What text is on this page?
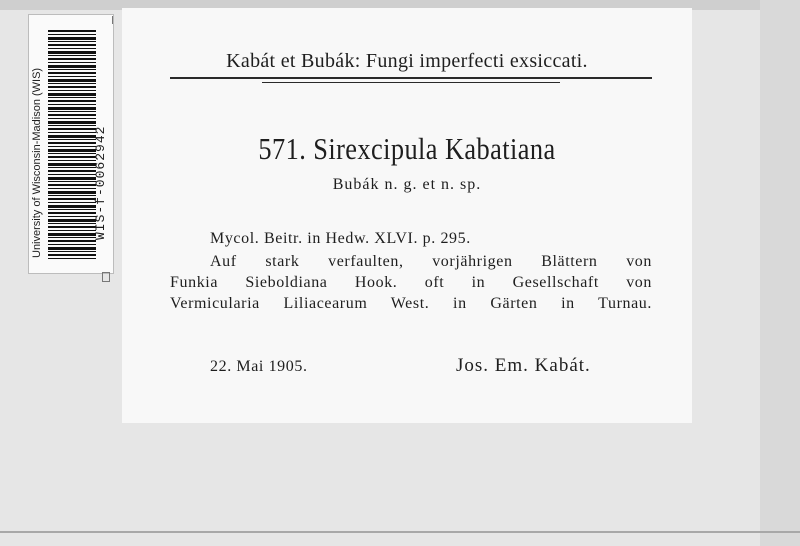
University of Wisconsin-Madison (WIS)	WIS-f-0062942
Kabát et Bubák: Fungi imperfecti exsiccati.
571. Sirexcipula Kabatiana
Bubák n. g. et n. sp.
Mycol. Beitr. in Hedw. XLVI. p. 295.
Auf stark verfaulten, vorjährigen Blättern von
Funkia Sieboldiana Hook. oft in Gesellschaft von
Vermicularia Liliacearum West. in Gärten in Turnau.
22. Mai 1905.	Jos. Em. Kabát.
